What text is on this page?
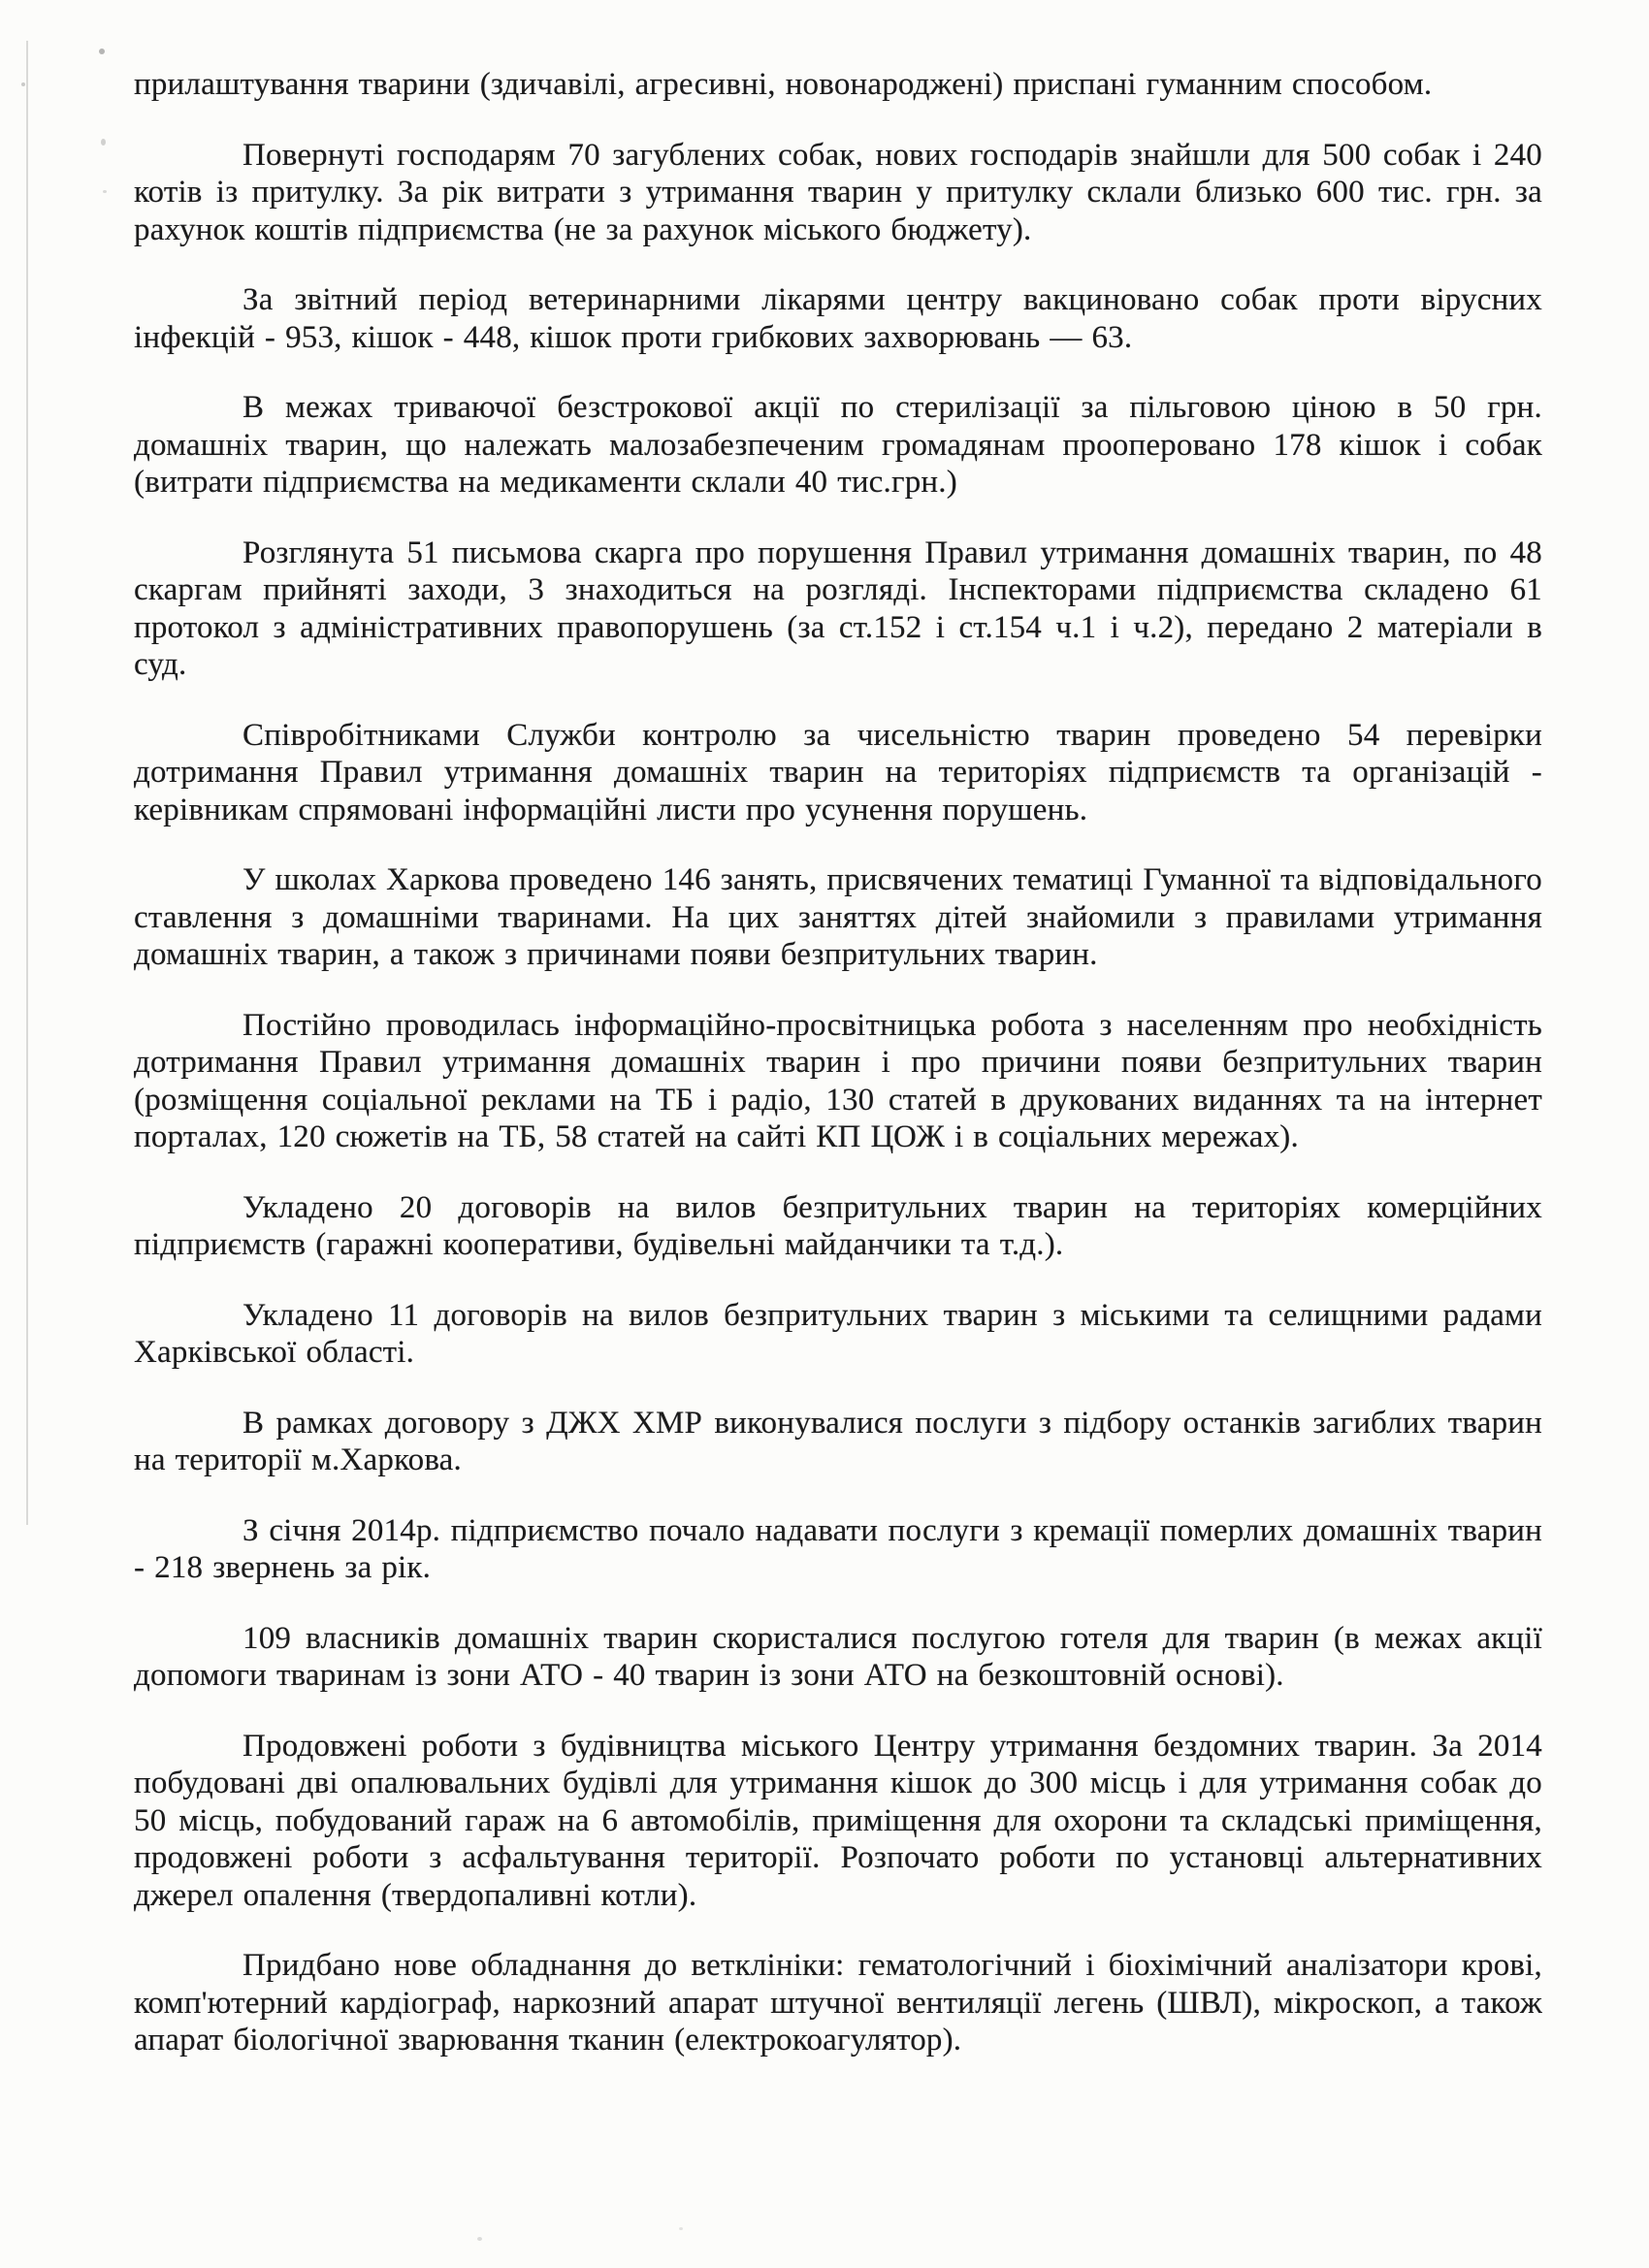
прилаштування тварини (здичавілі, агресивні, новонароджені) приспані гуманним способом.

Повернуті господарям 70 загублених собак, нових господарів знайшли для 500 собак і 240 котів із притулку. За рік витрати з утримання тварин у притулку склали близько 600 тис. грн. за рахунок коштів підприємства (не за рахунок міського бюджету).

За звітний період ветеринарними лікарями центру вакциновано собак проти вірусних інфекцій - 953, кішок - 448, кішок проти грибкових захворювань — 63.

В межах триваючої безстрокової акції по стерилізації за пільговою ціною в 50 грн. домашніх тварин, що належать малозабезпеченим громадянам прооперовано 178 кішок і собак (витрати підприємства на медикаменти склали 40 тис.грн.)

Розглянута 51 письмова скарга про порушення Правил утримання домашніх тварин, по 48 скаргам прийняті заходи, 3 знаходиться на розгляді. Інспекторами підприємства складено 61 протокол з адміністративних правопорушень (за ст.152 і ст.154 ч.1 і ч.2), передано 2 матеріали в суд.

Співробітниками Служби контролю за чисельністю тварин проведено 54 перевірки дотримання Правил утримання домашніх тварин на територіях підприємств та організацій - керівникам спрямовані інформаційні листи про усунення порушень.

У школах Харкова проведено 146 занять, присвячених тематиці Гуманної та відповідального ставлення з домашніми тваринами. На цих заняттях дітей знайомили з правилами утримання домашніх тварин, а також з причинами появи безпритульних тварин.

Постійно проводилась інформаційно-просвітницька робота з населенням про необхідність дотримання Правил утримання домашніх тварин і про причини появи безпритульних тварин (розміщення соціальної реклами на ТБ і радіо, 130 статей в друкованих виданнях та на інтернет порталах, 120 сюжетів на ТБ, 58 статей на сайті КП ЦОЖ і в соціальних мережах).

Укладено 20 договорів на вилов безпритульних тварин на територіях комерційних підприємств (гаражні кооперативи, будівельні майданчики та т.д.).

Укладено 11 договорів на вилов безпритульних тварин з міськими та селищними радами Харківської області.

В рамках договору з ДЖХ ХМР виконувалися послуги з підбору останків загиблих тварин на території м.Харкова.

З січня 2014р. підприємство почало надавати послуги з кремації померлих домашніх тварин - 218 звернень за рік.

109 власників домашніх тварин скористалися послугою готеля для тварин (в межах акції допомоги тваринам із зони АТО - 40 тварин із зони АТО на безкоштовній основі).

Продовжені роботи з будівництва міського Центру утримання бездомних тварин. За 2014 побудовані дві опалювальних будівлі для утримання кішок до 300 місць і для утримання собак до 50 місць, побудований гараж на 6 автомобілів, приміщення для охорони та складські приміщення, продовжені роботи з асфальтування території. Розпочато роботи по установці альтернативних джерел опалення (твердопаливні котли).

Придбано нове обладнання до ветклініки: гематологічний і біохімічний аналізатори крові, комп'ютерний кардіограф, наркозний апарат штучної вентиляції легень (ШВЛ), мікроскоп, а також апарат біологічної зварювання тканин (електрокоагулятор).
